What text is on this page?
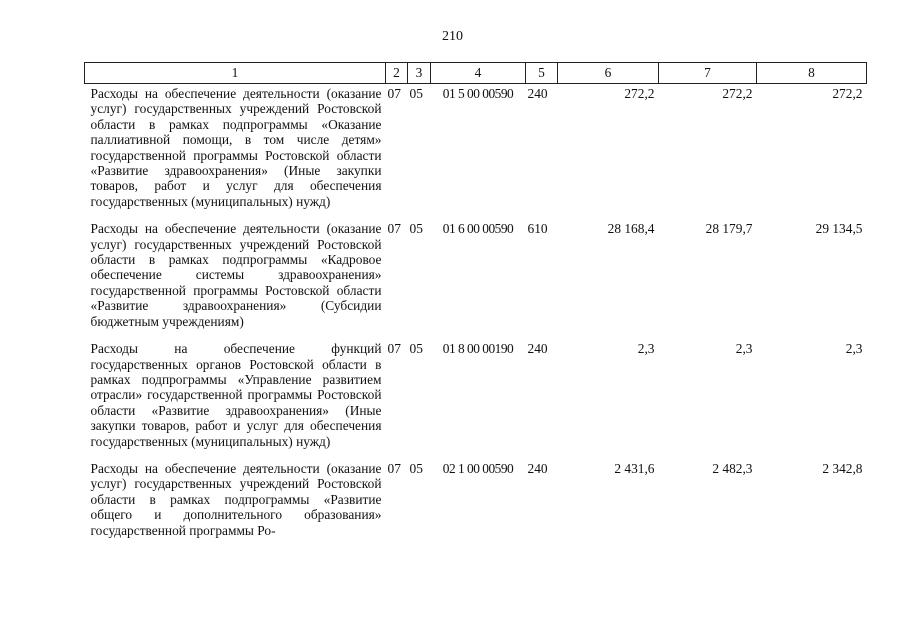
210
1	2	3	4	5	6	7	8
Расходы на обеспечение деятельности (оказание услуг) государственных учреждений Ростовской области в рамках подпрограммы «Оказание паллиативной помощи, в том числе детям» государственной программы Ростовской области «Развитие здравоохранения» (Иные закупки товаров, работ и услуг для обеспечения государственных (муниципальных) нужд)	07	05	01 5 00 00590	240	272,2	272,2	272,2
Расходы на обеспечение деятельности (оказание услуг) государственных учреждений Ростовской области в рамках подпрограммы «Кадровое обеспечение системы здравоохранения» государственной программы Ростовской области «Развитие здравоохранения» (Субсидии бюджетным учреждениям)	07	05	01 6 00 00590	610	28 168,4	28 179,7	29 134,5
Расходы на обеспечение функций государственных органов Ростовской области в рамках подпрограммы «Управление развитием отрасли» государственной программы Ростовской области «Развитие здравоохранения» (Иные закупки товаров, работ и услуг для обеспечения государственных (муниципальных) нужд)	07	05	01 8 00 00190	240	2,3	2,3	2,3
Расходы на обеспечение деятельности (оказание услуг) государственных учреждений Ростовской области в рамках подпрограммы «Развитие общего и дополнительного образования» государственной программы Ро-	07	05	02 1 00 00590	240	2 431,6	2 482,3	2 342,8
